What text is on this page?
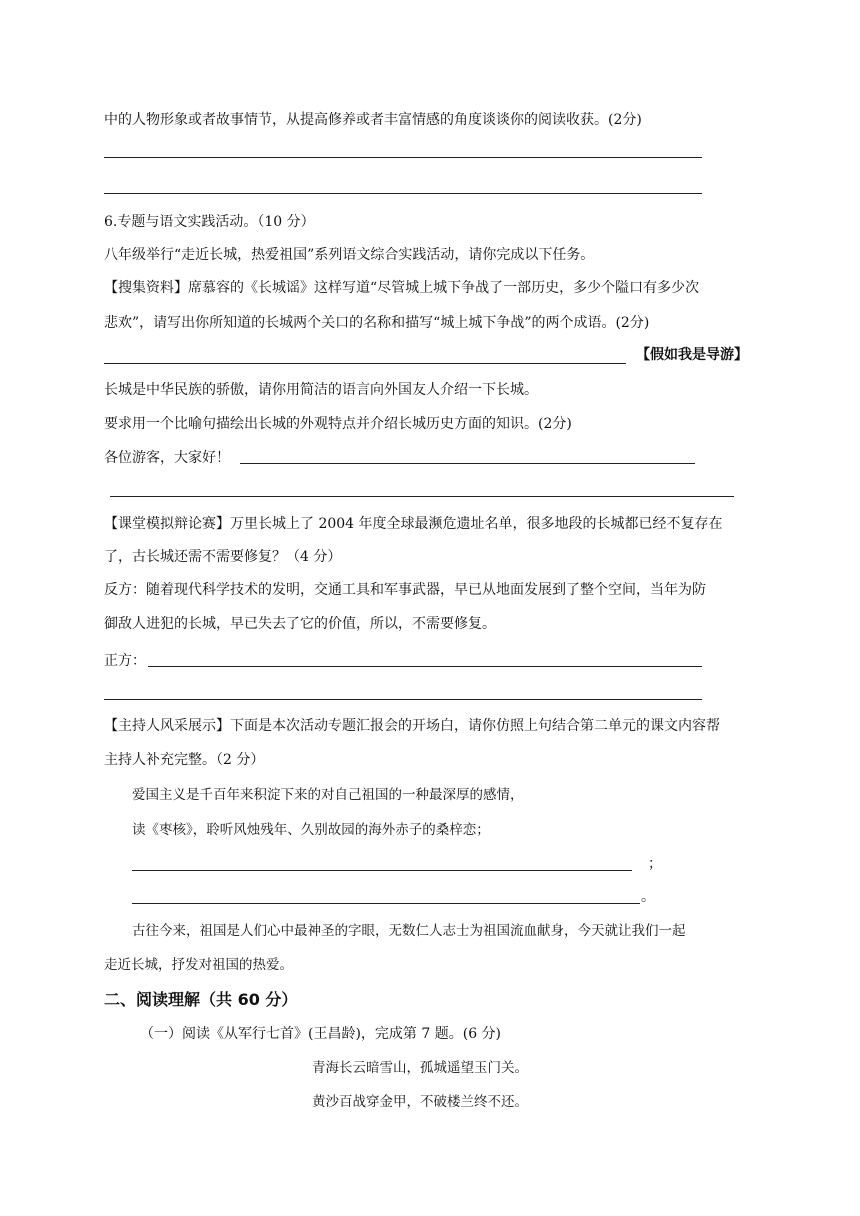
中的人物形象或者故事情节，从提高修养或者丰富情感的角度谈谈你的阅读收获。(2分)
6.专题与语文实践活动。（10 分）
八年级举行“走近长城，热爱祖国”系列语文综合实践活动，请你完成以下任务。
【搜集资料】席慕容的《长城谣》这样写道“尽管城上城下争战了一部历史，多少个隘口有多少次
悲欢”，请写出你所知道的长城两个关口的名称和描写“城上城下争战”的两个成语。(2分)
【假如我是导游】
长城是中华民族的骄傲，请你用简洁的语言向外国友人介绍一下长城。
要求用一个比喻句描绘出长城的外观特点并介绍长城历史方面的知识。(2分)
各位游客，大家好！
【课堂模拟辩论赛】万里长城上了 2004 年度全球最濒危遗址名单，很多地段的长城都已经不复存在
了，古长城还需不需要修复？（4 分）
反方：随着现代科学技术的发明，交通工具和军事武器，早已从地面发展到了整个空间，当年为防
御敌人进犯的长城，早已失去了它的价值，所以，不需要修复。
正方：
【主持人风采展示】下面是本次活动专题汇报会的开场白，请你仿照上句结合第二单元的课文内容帮
主持人补充完整。（2 分）
爱国主义是千百年来积淀下来的对自己祖国的一种最深厚的感情，
读《枣核》，聆听风烛残年、久别故园的海外赤子的桑梓恋；
；
。
古往今来，祖国是人们心中最神圣的字眼，无数仁人志士为祖国流血献身，今天就让我们一起
走近长城，抒发对祖国的热爱。
二、阅读理解（共 60 分）
（一）阅读《从军行七首》(王昌龄)，完成第 7 题。(6 分)
青海长云暗雪山，孤城遥望玉门关。
黄沙百战穿金甲，不破楼兰终不还。
